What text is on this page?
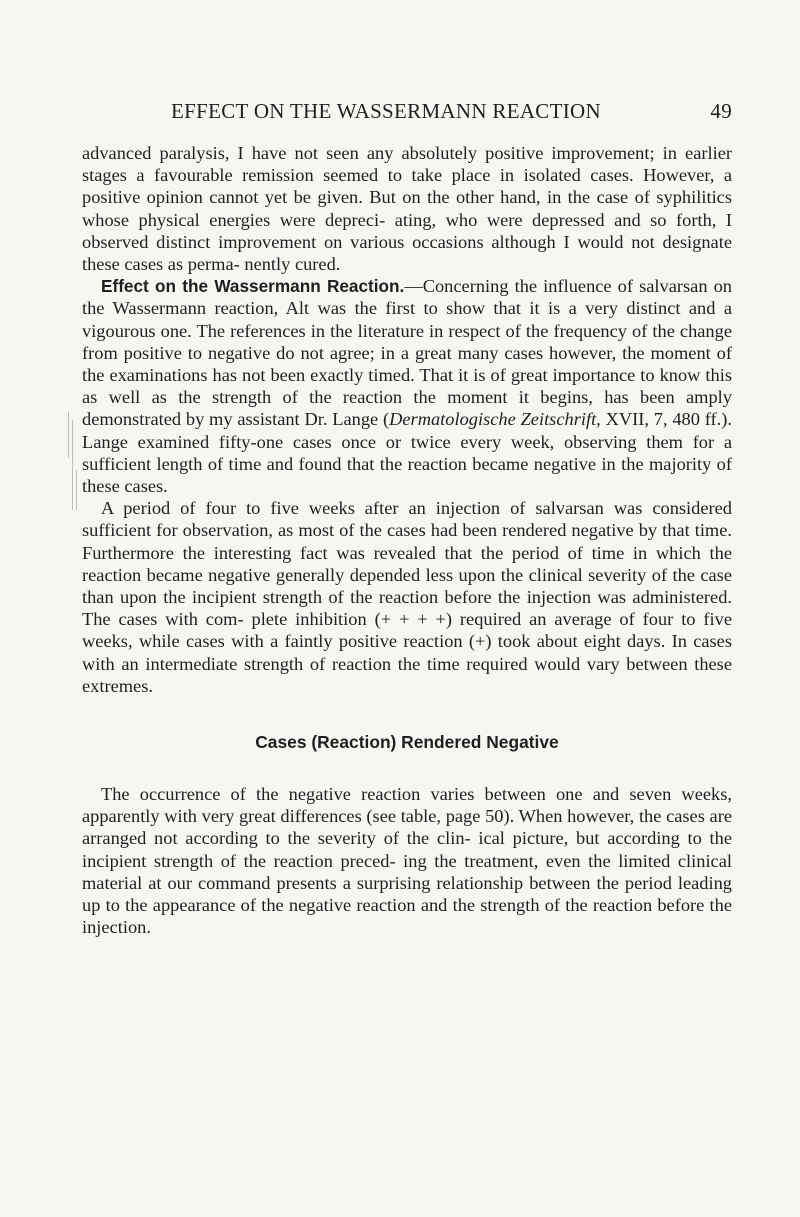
EFFECT ON THE WASSERMANN REACTION	49

advanced paralysis, I have not seen any absolutely positive improvement; in earlier stages a favourable remission seemed to take place in isolated cases. However, a positive opinion cannot yet be given. But on the other hand, in the case of syphilitics whose physical energies were depreci- ating, who were depressed and so forth, I observed distinct improvement on various occasions although I would not designate these cases as perma- nently cured.

Effect on the Wassermann Reaction.—Concerning the influence of salvarsan on the Wassermann reaction, Alt was the first to show that it is a very distinct and a vigourous one. The references in the literature in respect of the frequency of the change from positive to negative do not agree; in a great many cases however, the moment of the examinations has not been exactly timed. That it is of great importance to know this as well as the strength of the reaction the moment it begins, has been amply demonstrated by my assistant Dr. Lange (Dermatologische Zeitschrift, XVII, 7, 480 ff.). Lange examined fifty-one cases once or twice every week, observing them for a sufficient length of time and found that the reaction became negative in the majority of these cases.

A period of four to five weeks after an injection of salvarsan was considered sufficient for observation, as most of the cases had been rendered negative by that time. Furthermore the interesting fact was revealed that the period of time in which the reaction became negative generally depended less upon the clinical severity of the case than upon the incipient strength of the reaction before the injection was administered. The cases with com- plete inhibition (+ + + +) required an average of four to five weeks, while cases with a faintly positive reaction (+) took about eight days. In cases with an intermediate strength of reaction the time required would vary between these extremes.

Cases (Reaction) Rendered Negative

The occurrence of the negative reaction varies between one and seven weeks, apparently with very great differences (see table, page 50). When however, the cases are arranged not according to the severity of the clin- ical picture, but according to the incipient strength of the reaction preced- ing the treatment, even the limited clinical material at our command presents a surprising relationship between the period leading up to the appearance of the negative reaction and the strength of the reaction before the injection.
